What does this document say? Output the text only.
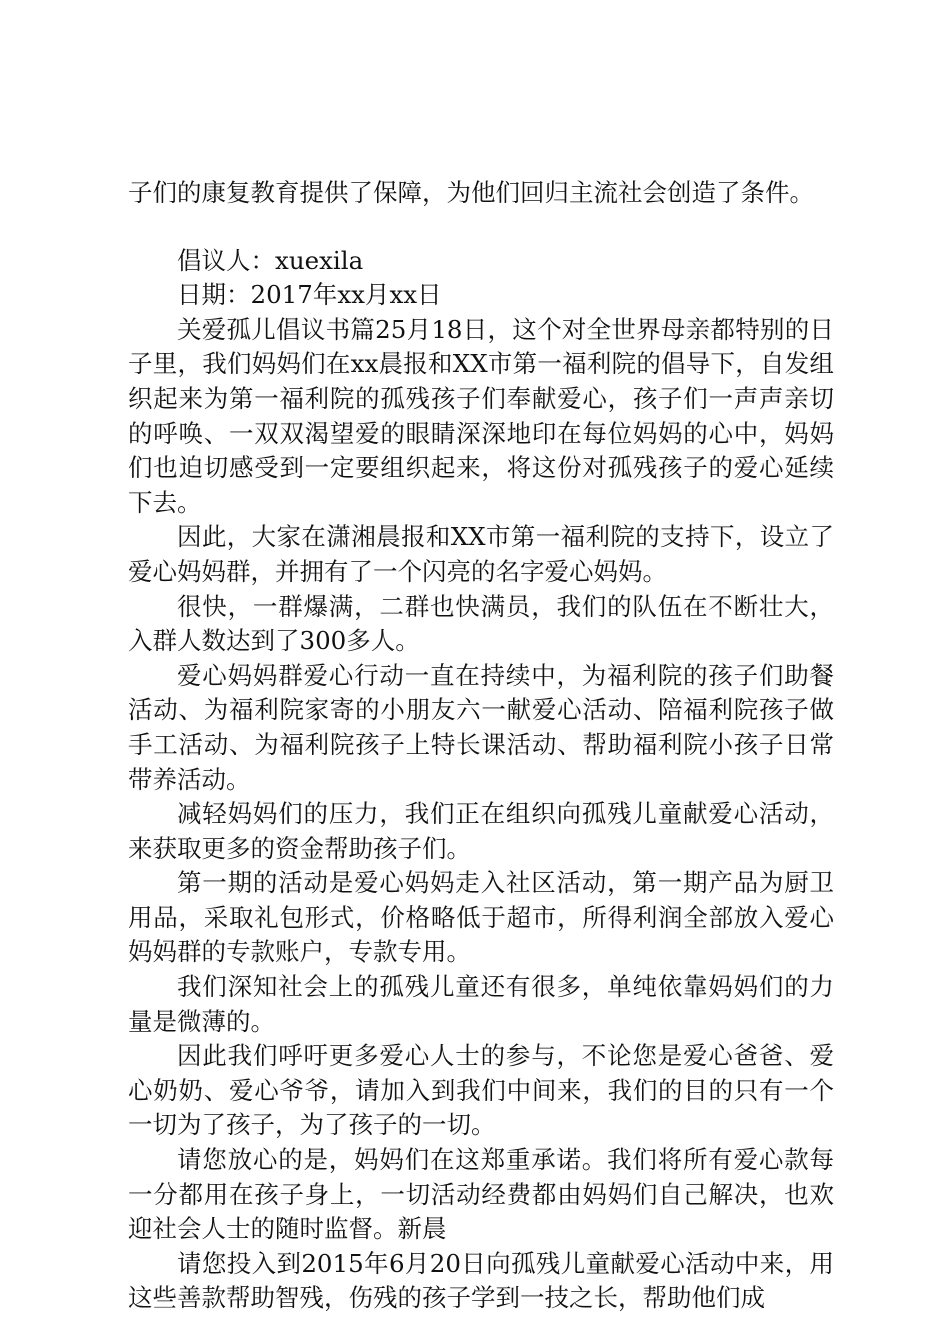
子们的康复教育提供了保障，为他们回归主流社会创造了条件。

倡议人：xuexila

日期：2017年xx月xx日

关爱孤儿倡议书篇25月18日，这个对全世界母亲都特别的日子里，我们妈妈们在xx晨报和XX市第一福利院的倡导下，自发组织起来为第一福利院的孤残孩子们奉献爱心，孩子们一声声亲切的呼唤、一双双渴望爱的眼睛深深地印在每位妈妈的心中，妈妈们也迫切感受到一定要组织起来，将这份对孤残孩子的爱心延续下去。

因此，大家在潇湘晨报和XX市第一福利院的支持下，设立了爱心妈妈群，并拥有了一个闪亮的名字爱心妈妈。

很快，一群爆满，二群也快满员，我们的队伍在不断壮大，入群人数达到了300多人。

爱心妈妈群爱心行动一直在持续中，为福利院的孩子们助餐活动、为福利院家寄的小朋友六一献爱心活动、陪福利院孩子做手工活动、为福利院孩子上特长课活动、帮助福利院小孩子日常带养活动。

减轻妈妈们的压力，我们正在组织向孤残儿童献爱心活动，来获取更多的资金帮助孩子们。

第一期的活动是爱心妈妈走入社区活动，第一期产品为厨卫用品，采取礼包形式，价格略低于超市，所得利润全部放入爱心妈妈群的专款账户，专款专用。

我们深知社会上的孤残儿童还有很多，单纯依靠妈妈们的力量是微薄的。

因此我们呼吁更多爱心人士的参与，不论您是爱心爸爸、爱心奶奶、爱心爷爷，请加入到我们中间来，我们的目的只有一个一切为了孩子，为了孩子的一切。

请您放心的是，妈妈们在这郑重承诺。我们将所有爱心款每一分都用在孩子身上，一切活动经费都由妈妈们自己解决，也欢迎社会人士的随时监督。新晨

请您投入到2015年6月20日向孤残儿童献爱心活动中来，用这些善款帮助智残，伤残的孩子学到一技之长，帮助他们成
